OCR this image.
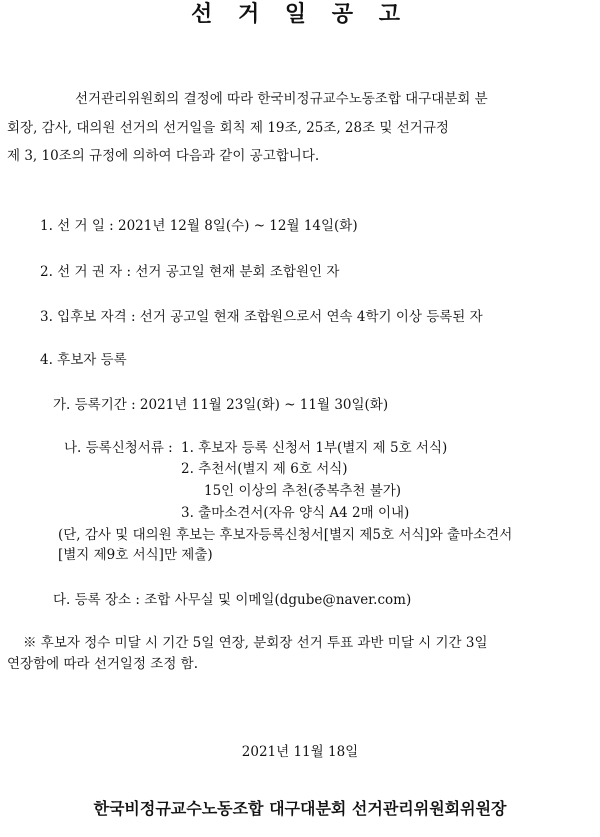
선 거 일 공 고
선거관리위원회의 결정에 따라 한국비정규교수노동조합 대구대분회 분
회장, 감사, 대의원 선거의 선거일을 회칙 제 19조, 25조, 28조 및 선거규정
제 3, 10조의 규정에 의하여 다음과 같이 공고합니다.
1. 선 거 일 : 2021년 12월 8일(수) ~ 12월 14일(화)
2. 선 거 권 자 : 선거 공고일 현재 분회 조합원인 자
3. 입후보 자격 : 선거 공고일 현재 조합원으로서 연속 4학기 이상 등록된 자
4. 후보자 등록
가. 등록기간 : 2021년 11월 23일(화) ~ 11월 30일(화)
나. 등록신청서류 : 1. 후보자 등록 신청서 1부(별지 제 5호 서식)
2. 추천서(별지 제 6호 서식)
15인 이상의 추천(중복추천 불가)
3. 출마소견서(자유 양식 A4 2매 이내)
(단, 감사 및 대의원 후보는 후보자등록신청서[별지 제5호 서식]와 출마소견서
[별지 제9호 서식]만 제출)
다. 등록 장소 : 조합 사무실 및 이메일(dgube@naver.com)
※ 후보자 정수 미달 시 기간 5일 연장, 분회장 선거 투표 과반 미달 시 기간 3일
연장함에 따라 선거일정 조정 함.
2021년 11월 18일
한국비정규교수노동조합 대구대분회 선거관리위원회위원장
